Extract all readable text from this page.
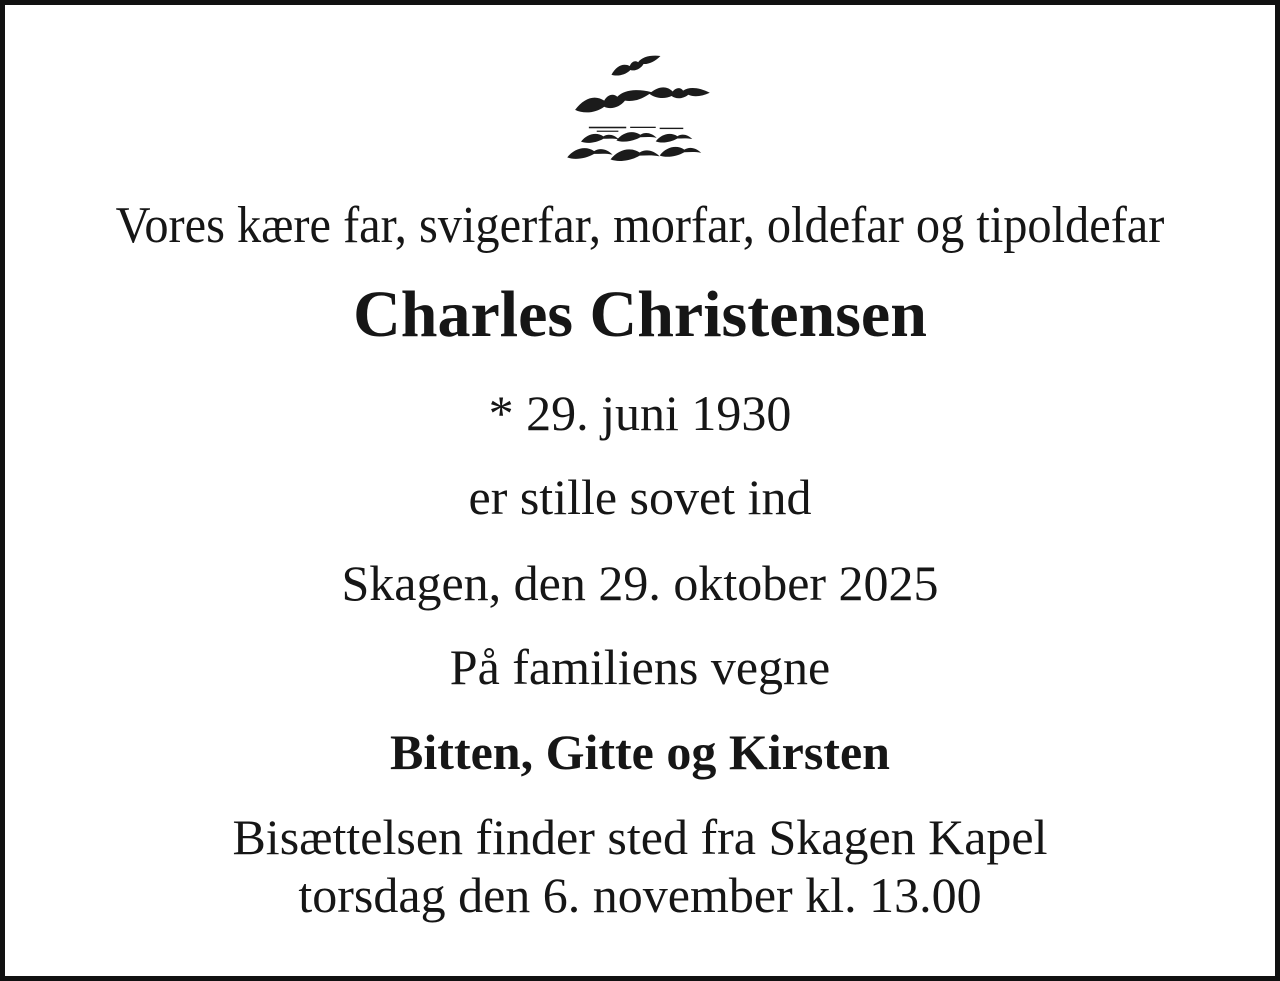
Vores kære far, svigerfar, morfar, oldefar og tipoldefar
Charles Christensen
* 29. juni 1930
er stille sovet ind
Skagen, den 29. oktober 2025
På familiens vegne
Bitten, Gitte og Kirsten
Bisættelsen finder sted fra Skagen Kapel
torsdag den 6. november kl. 13.00
